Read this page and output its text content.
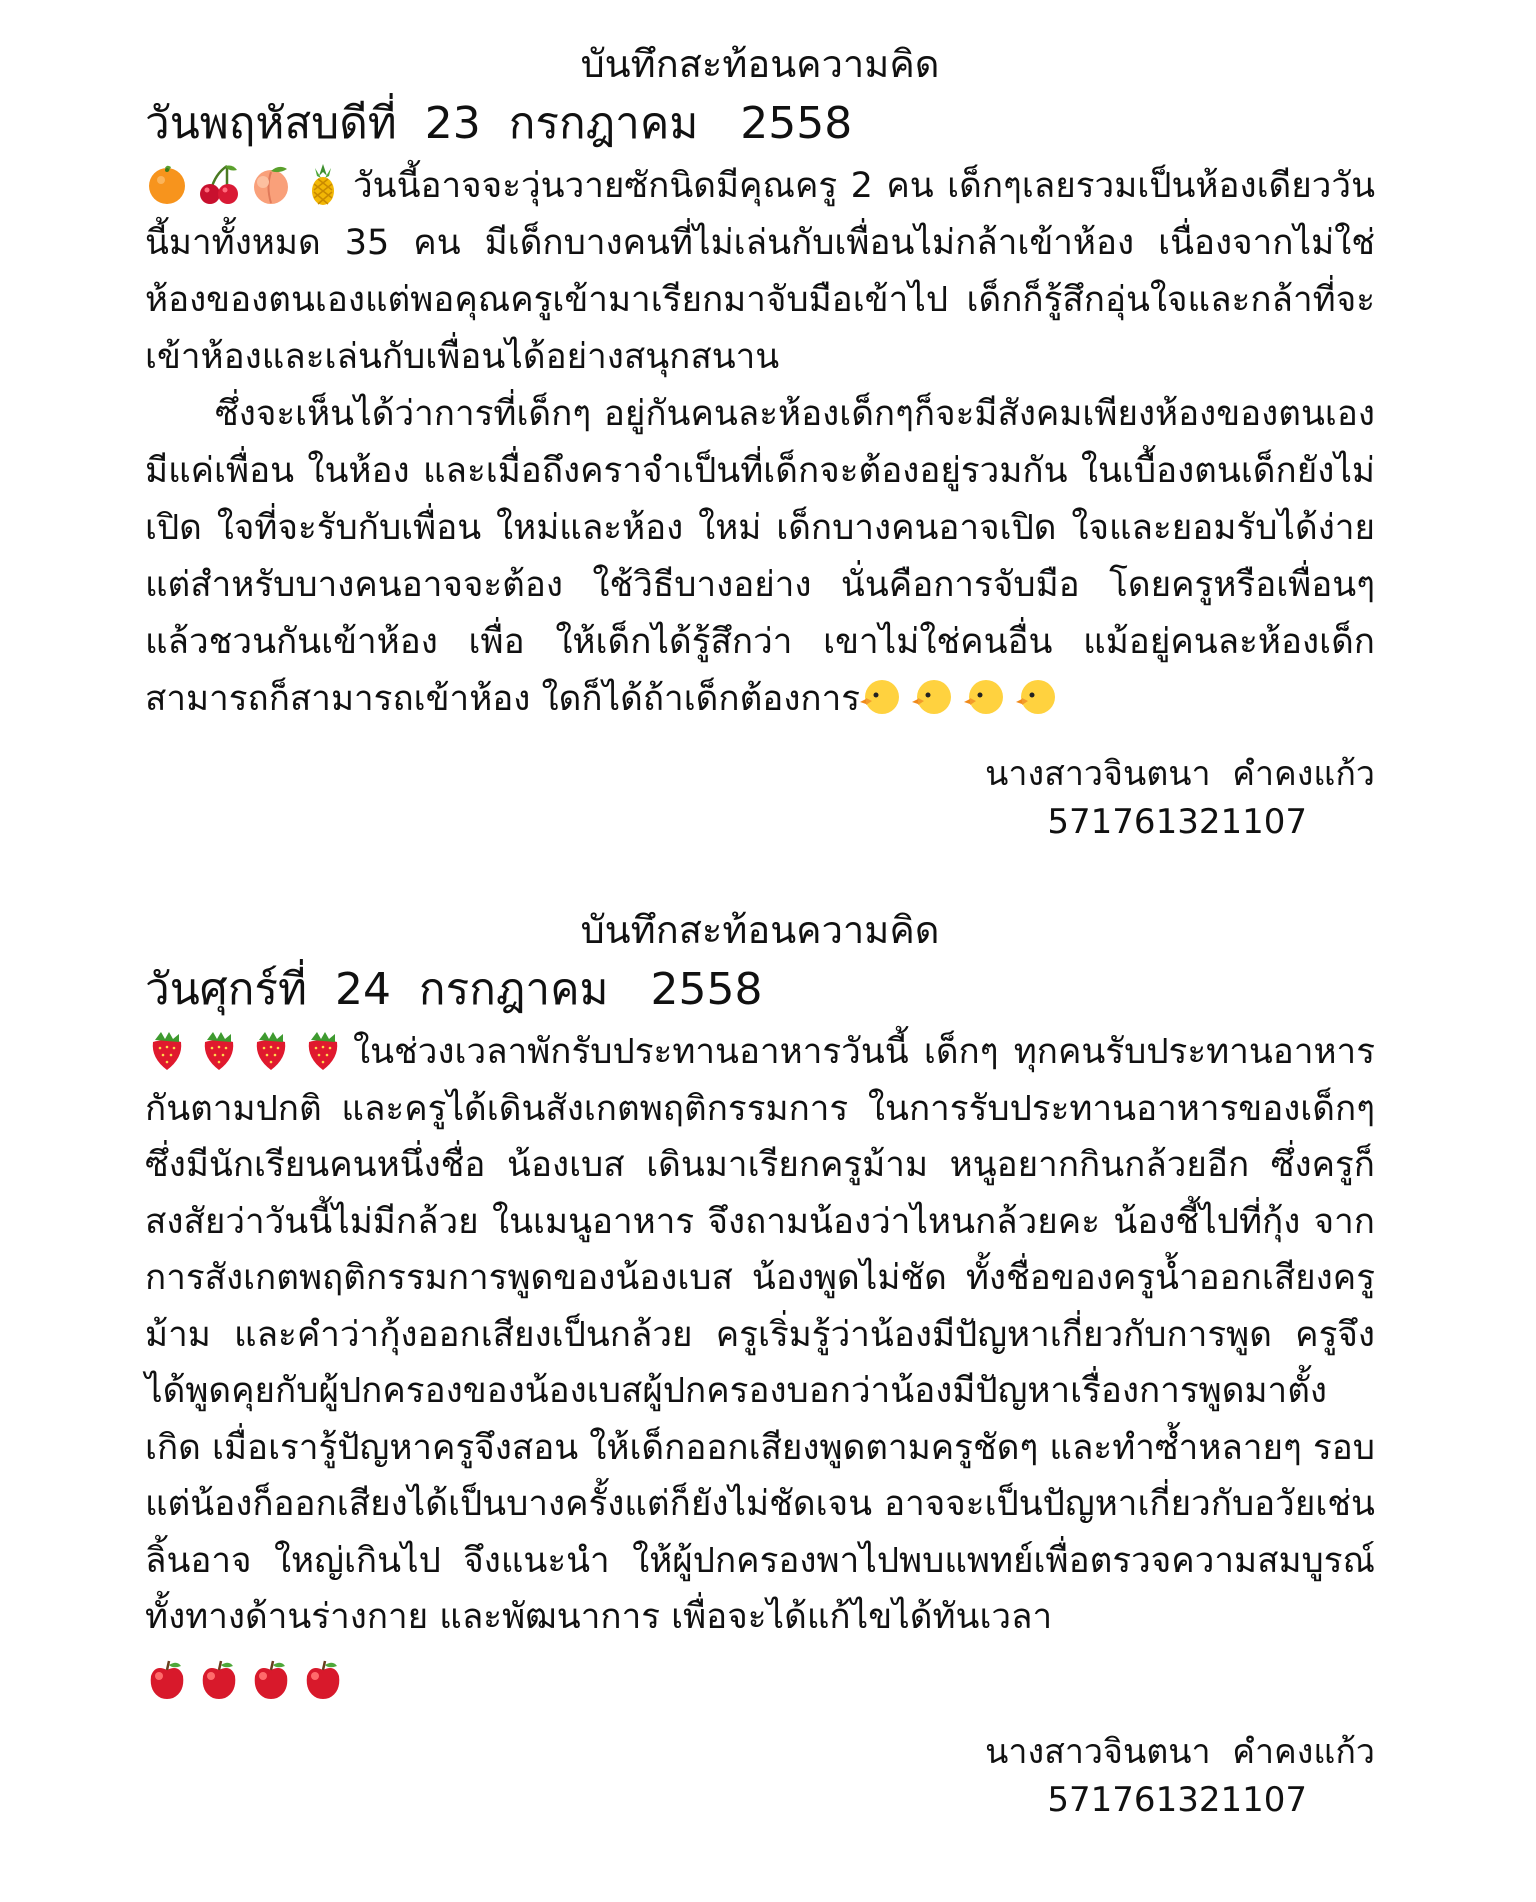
บันทึกสะท้อนความคิด
วันพฤหัสบดีที่  23  กรกฎาคม   2558

วันนี้อาจจะวุ่นวายซักนิดมีคุณครู 2 คน เด็กๆเลยรวมเป็นห้องเดียววันนี้มาทั้งหมด 35 คน มีเด็กบางคนที่ไม่เล่นกับเพื่อนไม่กล้าเข้าห้อง เนื่องจากไม่ใช่ห้องของตนเองแต่พอคุณครูเข้ามาเรียกมาจับมือเข้าไป เด็กก็รู้สึกอุ่นใจและกล้าที่จะเข้าห้องและเล่นกับเพื่อนได้อย่างสนุกสนาน

ซึ่งจะเห็นได้ว่าการที่เด็กๆ อยู่กันคนละห้องเด็กๆก็จะมีสังคมเพียงห้องของตนเอง มีแค่เพื่อน ในห้อง และเมื่อถึงคราจำเป็นที่เด็กจะต้องอยู่รวมกัน ในเบื้องตนเด็กยังไม่เปิด ใจที่จะรับกับเพื่อน ใหม่และห้อง ใหม่ เด็กบางคนอาจเปิด ใจและยอมรับได้ง่าย แต่สำหรับบางคนอาจจะต้อง ใช้วิธีบางอย่าง นั่นคือการจับมือ โดยครูหรือเพื่อนๆแล้วชวนกันเข้าห้อง เพื่อ ให้เด็กได้รู้สึกว่า เขาไม่ใช่คนอื่น แม้อยู่คนละห้องเด็กสามารถก็สามารถเข้าห้อง ใดก็ได้ถ้าเด็กต้องการ

นางสาวจินตนา  คำคงแก้ว
571761321107
บันทึกสะท้อนความคิด
วันศุกร์ที่  24  กรกฎาคม   2558

ในช่วงเวลาพักรับประทานอาหารวันนี้ เด็กๆ ทุกคนรับประทานอาหารกันตามปกติ และครูได้เดินสังเกตพฤติกรรมการ ในการรับประทานอาหารของเด็กๆ ซึ่งมีนักเรียนคนหนึ่งชื่อ น้องเบส เดินมาเรียกครูม้าม หนูอยากกินกล้วยอีก ซึ่งครูก็สงสัยว่าวันนี้ไม่มีกล้วย ในเมนูอาหาร จึงถามน้องว่าไหนกล้วยคะ น้องชี้ไปที่กุ้ง จากการสังเกตพฤติกรรมการพูดของน้องเบส น้องพูดไม่ชัด ทั้งชื่อของครูน้ำออกเสียงครูม้าม และคำว่ากุ้งออกเสียงเป็นกล้วย ครูเริ่มรู้ว่าน้องมีปัญหาเกี่ยวกับการพูด ครูจึงได้พูดคุยกับผู้ปกครองของน้องเบสผู้ปกครองบอกว่าน้องมีปัญหาเรื่องการพูดมาตั้งเกิด เมื่อเรารู้ปัญหาครูจึงสอน ให้เด็กออกเสียงพูดตามครูชัดๆ และทำซ้ำหลายๆ รอบแต่น้องก็ออกเสียงได้เป็นบางครั้งแต่ก็ยังไม่ชัดเจน อาจจะเป็นปัญหาเกี่ยวกับอวัยเช่นลิ้นอาจ ใหญ่เกินไป จึงแนะนำ ให้ผู้ปกครองพาไปพบแพทย์เพื่อตรวจความสมบูรณ์ทั้งทางด้านร่างกาย และพัฒนาการ เพื่อจะได้แก้ไขได้ทันเวลา

นางสาวจินตนา  คำคงแก้ว
571761321107
